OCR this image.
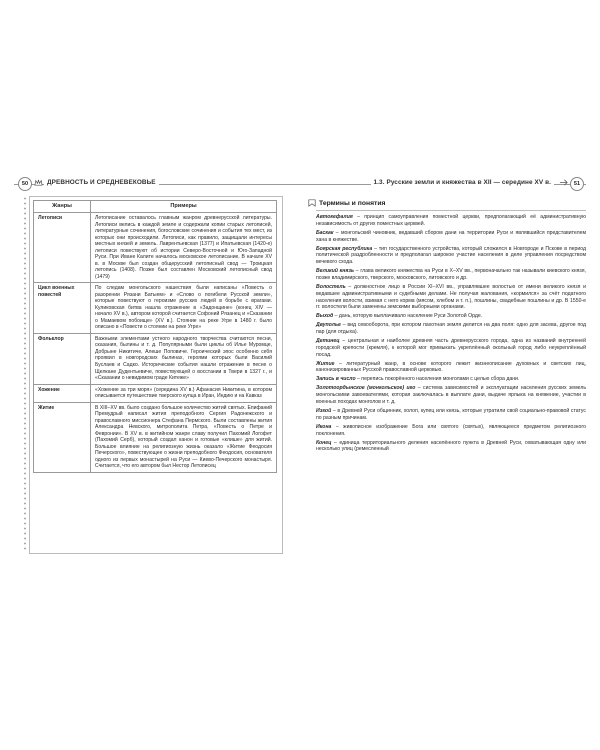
50	ДРЕВНОСТЬ И СРЕДНЕВЕКОВЬЕ	1.3. Русские земли и княжества в XII — середине XV в.	51
Жанры	Примеры
Летописи	Летописание оставалось главным жанром древнерусской литературы. Летописи велись в каждой земле и содержали копии старых летописей, литературные сочинения, богословские сочинения и события тех мест, из которых они происходили. Летописи, как правило, защищали интересы местных князей и земель. Лаврентьевская (1377) и Ипатьевская (1420-е) летописи повествуют об истории Северо-Восточной и Юго-Западной Руси. При Иване Калите началось московское летописание. В начале XV в. в Москве был создан общерусский летописный свод — Троицкая летопись (1408). Позже был составлен Московский летописный свод (1479)
Цикл военных повестей	По следам монгольского нашествия были написаны «Повесть о разорении Рязани Батыем» и «Слово о погибели Русской земли», которые повествуют о героизме русских людей в борьбе с врагами. Куликовская битва нашла отражение в «Задонщине» (конец XIV — начало XV в.), автором которой считается Софоний Рязанец и «Сказании о Мамаевом побоище» (XV в.). Стояние на реке Угре в 1480 г. было описано в «Повести о стоянии на реке Угре»
Фольклор	Важными элементами устного народного творчества считаются песни, сказания, былины и т. д. Популярными были циклы об Илье Муромце, Добрыне Никитиче, Алеше Поповиче. Героический эпос особенно себя проявил в новгородских былинах, героями которых были Василий Буслаев и Садко. Исторические события нашли отражение в песне о Щелкане Дудентьевиче, повествующей о восстании в Твери в 1327 г., и «Сказании о невидимом граде Китеже»
Хожение	«Хожение за три моря» (середина XV в.) Афанасия Никитина, в котором описывается путешествие тверского купца в Иран, Индию и на Кавказ
Житие	В XIII–XV вв. было создано большое количество житий святых. Епифаний Премудрый написал жития преподобного Сергия Радонежского и православного миссионера Стефана Пермского. Были составлены жития Александра Невского, митрополита Петра, «Повесть о Петре и Февронии». В XV в. в житийном жанре славу получил Пахомий Логофет (Пахомий Серб), который создал канон и готовые «клише» для житий. Большое влияние на религиозную жизнь оказало «Житие Феодосия Печерского», повествующее о жизни преподобного Феодосия, основателя одного из первых монастырей на Руси — Киево-Печерского монастыря. Считается, что его автором был Нестор Летописец
Термины и понятия

Автокефалия – принцип самоуправления поместной церкви, предполагающий её административную независимость от других поместных церквей.

Баскак – монгольский чиновник, ведавший сбором дани на территории Руси и являвшийся представителем хана в княжестве.

Боярская республика – тип государственного устройства, который сложился в Новгороде и Пскове в период политической раздробленности и предполагал широкое участие населения в деле управления посредством вечевого схода.

Великий князь – глава великого княжества на Руси в X–XV вв., первоначально так называли киевского князя, позже владимирского, тверского, московского, литовского и др.

Волостель – должностное лицо в России XI–XVI вв., управлявшее волостью от имени великого князя и ведавшее административными и судебными делами. Не получая жалования, «кормился» за счёт податного населения волости, взимая с него корма (мясом, хлебом и т. п.), пошлины, свадебные пошлины и др. В 1550-е гг. волостели были заменены земскими выборными органами.

Выход – дань, которую выплачивало население Руси Золотой Орде.

Двуполье – вид севооборота, при котором пахотная земля делится на два поля: одно для засева, другое под пар (для отдыха).

Детинец – центральная и наиболее древняя часть древнерусского города, одна из названий внутренней городской крепости (кремля), к которой мог примыкать укреплённый окольный город либо неукреплённый посад.

Житие – литературный жанр, в основе которого лежит жизнеописание духовных и светских лиц, канонизированных Русской православной церковью.

Запись в число – перепись покорённого населения монголами с целью сбора дани.

Золотоордынское (монгольское) иго – система зависимостей и эксплуатации населения русских земель монгольскими завоевателями, которая заключалась в выплате дани, выдаче ярлыка на княжение, участии в военных походах монголов и т. д.

Изгой – в Древней Руси общинник, холоп, купец или князь, которые утратили свой социально-правовой статус по разным причинам.

Икона – живописное изображение Бога или святого (святых), являющееся предметом религиозного поклонения.

Конец – единица территориального деления населённого пункта в Древней Руси, охватывающая одну или несколько улиц (ремесленный
